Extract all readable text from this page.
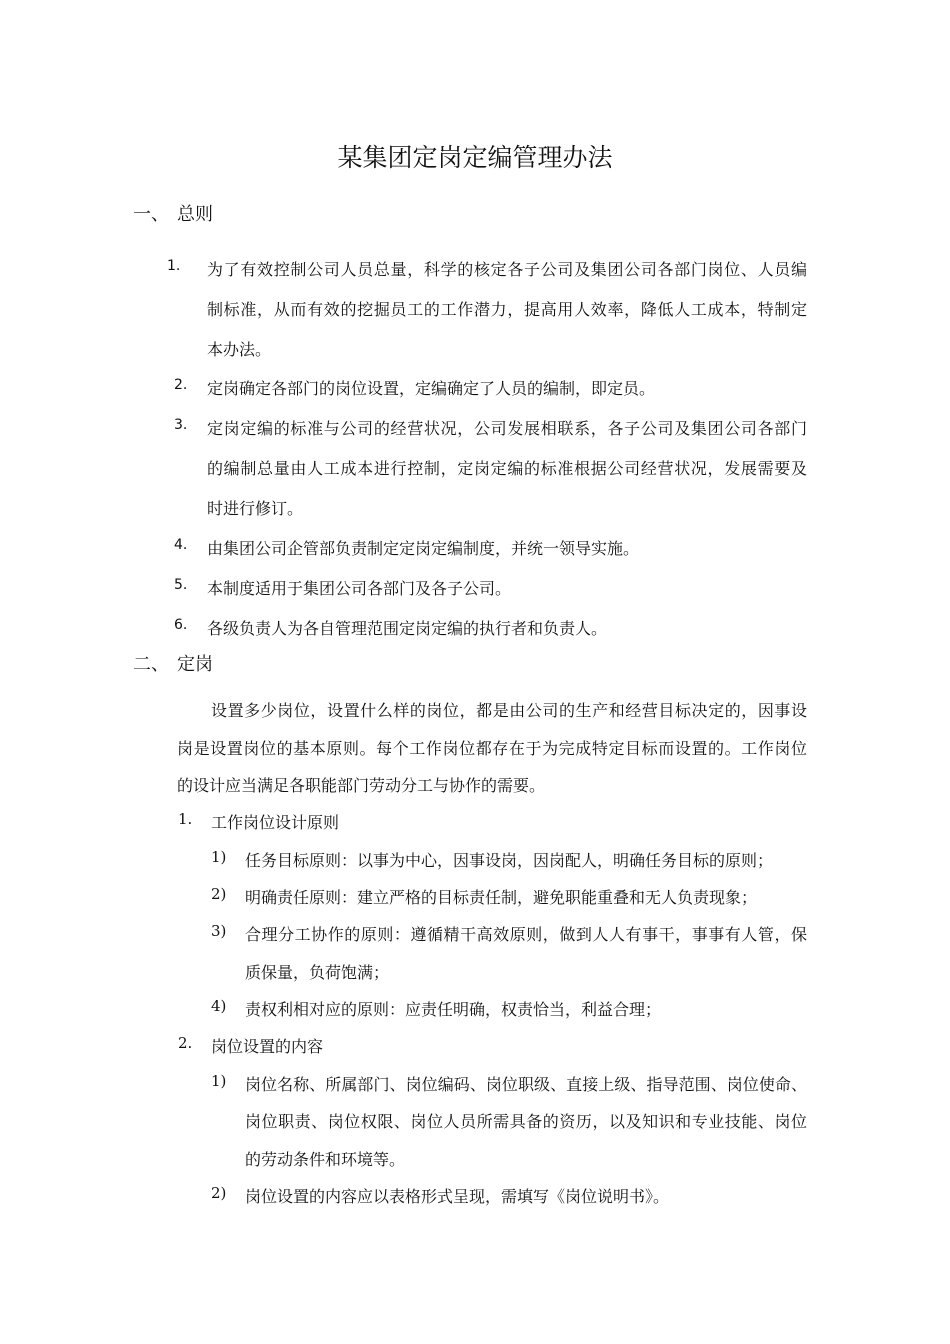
某集团定岗定编管理办法
一、 总则
1. 为了有效控制公司人员总量，科学的核定各子公司及集团公司各部门岗位、人员编
制标准，从而有效的挖掘员工的工作潜力，提高用人效率，降低人工成本，特制定
本办法。
2. 定岗确定各部门的岗位设置，定编确定了人员的编制，即定员。
3. 定岗定编的标准与公司的经营状况，公司发展相联系，各子公司及集团公司各部门
的编制总量由人工成本进行控制，定岗定编的标准根据公司经营状况，发展需要及
时进行修订。
4. 由集团公司企管部负责制定定岗定编制度，并统一领导实施。
5. 本制度适用于集团公司各部门及各子公司。
6. 各级负责人为各自管理范围定岗定编的执行者和负责人。
二、 定岗
设置多少岗位，设置什么样的岗位，都是由公司的生产和经营目标决定的，因事设
岗是设置岗位的基本原则。每个工作岗位都存在于为完成特定目标而设置的。工作岗位
的设计应当满足各职能部门劳动分工与协作的需要。
1. 工作岗位设计原则
1) 任务目标原则：以事为中心，因事设岗，因岗配人，明确任务目标的原则；
2) 明确责任原则：建立严格的目标责任制，避免职能重叠和无人负责现象；
3) 合理分工协作的原则：遵循精干高效原则，做到人人有事干，事事有人管，保
质保量，负荷饱满；
4) 责权利相对应的原则：应责任明确，权责恰当，利益合理；
2. 岗位设置的内容
1) 岗位名称、所属部门、岗位编码、岗位职级、直接上级、指导范围、岗位使命、
岗位职责、岗位权限、岗位人员所需具备的资历，以及知识和专业技能、岗位
的劳动条件和环境等。
2) 岗位设置的内容应以表格形式呈现，需填写《岗位说明书》。
